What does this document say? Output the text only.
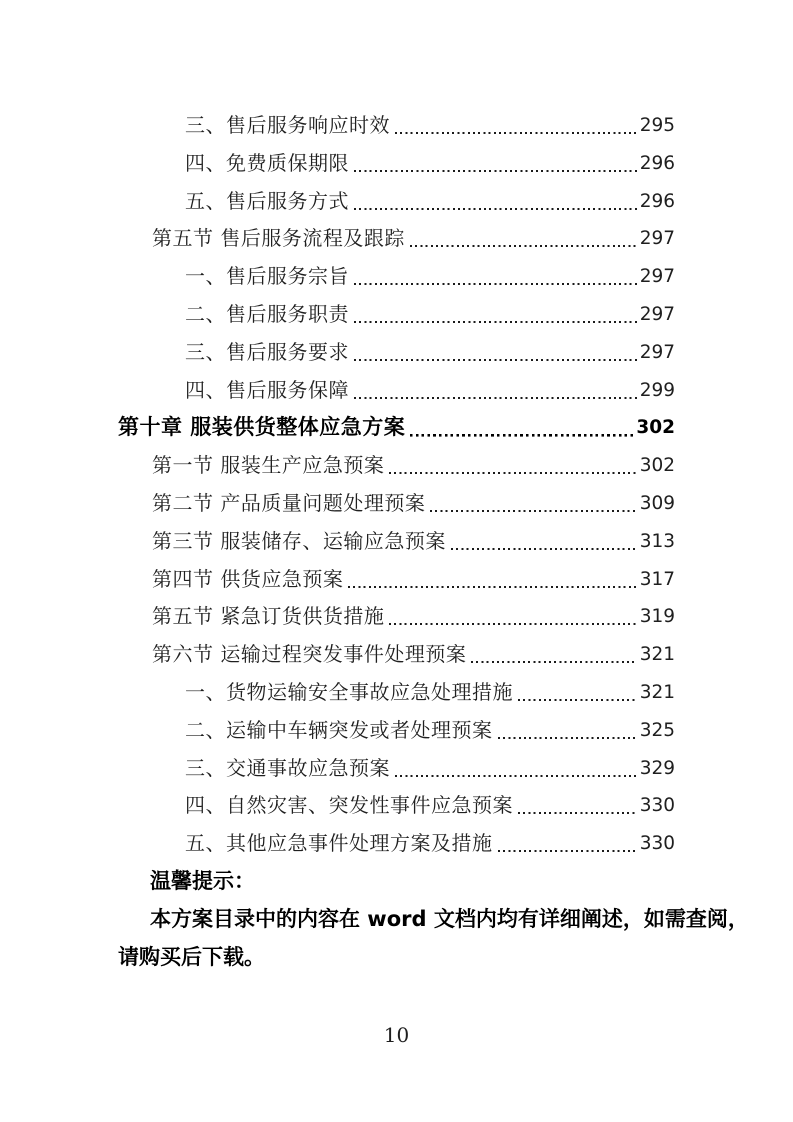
三、售后服务响应时效	295
四、免费质保期限	296
五、售后服务方式	296
第五节 售后服务流程及跟踪	297
一、售后服务宗旨	297
二、售后服务职责	297
三、售后服务要求	297
四、售后服务保障	299
第十章 服装供货整体应急方案	302
第一节 服装生产应急预案	302
第二节 产品质量问题处理预案	309
第三节 服装储存、运输应急预案	313
第四节 供货应急预案	317
第五节 紧急订货供货措施	319
第六节 运输过程突发事件处理预案	321
一、货物运输安全事故应急处理措施	321
二、运输中车辆突发或者处理预案	325
三、交通事故应急预案	329
四、自然灾害、突发性事件应急预案	330
五、其他应急事件处理方案及措施	330
温馨提示：
本方案目录中的内容在 word 文档内均有详细阐述，如需查阅，
请购买后下载。
10
